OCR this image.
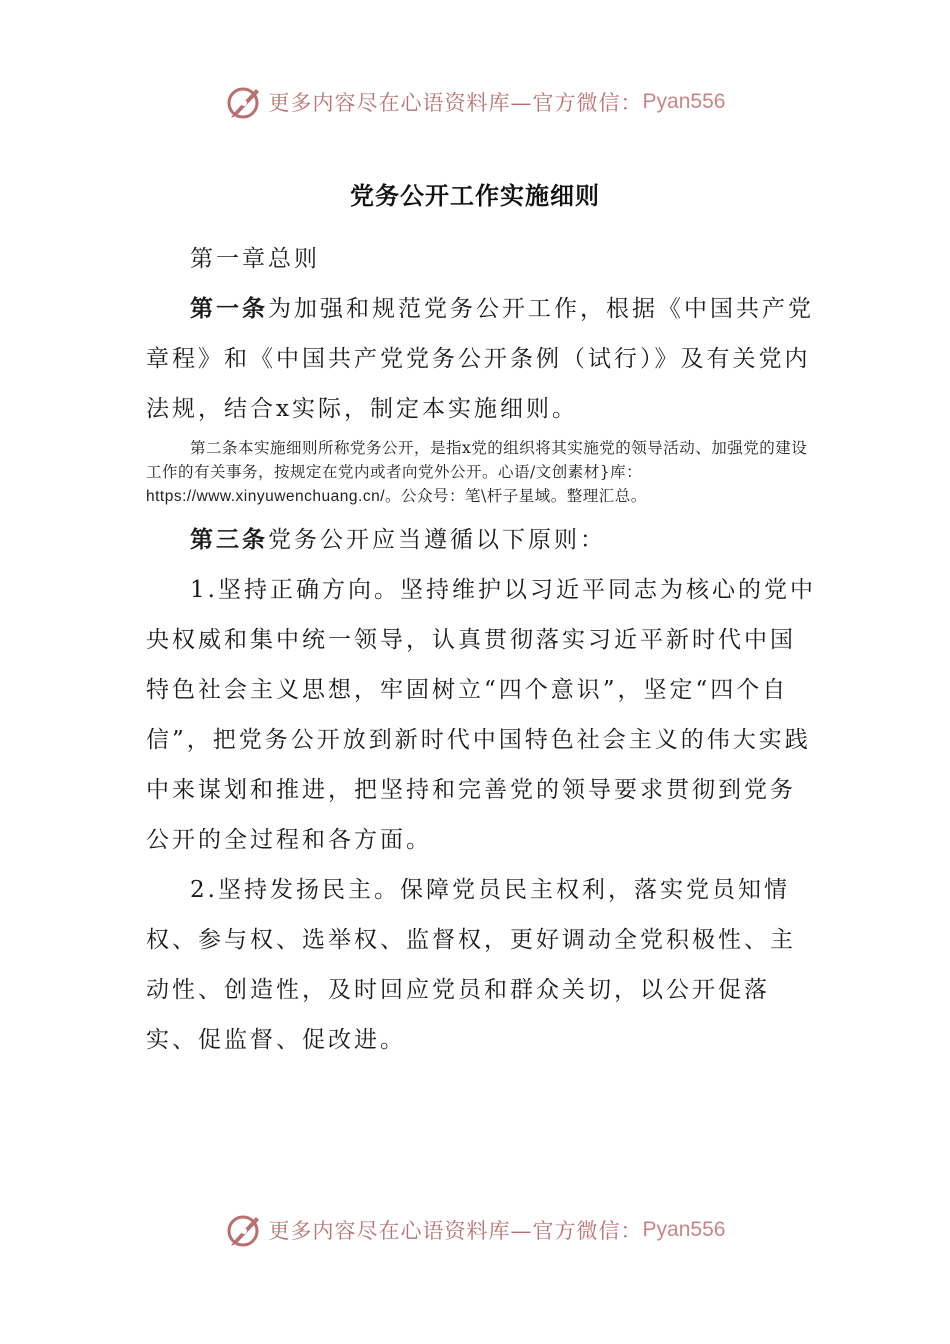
更多内容尽在心语资料库—官方微信： Pyan556
党务公开工作实施细则

第一章总则

第一条为加强和规范党务公开工作，根据《中国共产党章程》和《中国共产党党务公开条例（试行）》及有关党内法规，结合x实际，制定本实施细则。

第二条本实施细则所称党务公开，是指x党的组织将其实施党的领导活动、加强党的建设工作的有关事务，按规定在党内或者向党外公开。心语/文创素材}库：https://www.xinyuwenchuang.cn/。公众号：笔\杆子星域。整理汇总。

第三条党务公开应当遵循以下原则：

1.坚持正确方向。坚持维护以习近平同志为核心的党中央权威和集中统一领导，认真贯彻落实习近平新时代中国特色社会主义思想，牢固树立“四个意识”，坚定“四个自信”，把党务公开放到新时代中国特色社会主义的伟大实践中来谋划和推进，把坚持和完善党的领导要求贯彻到党务公开的全过程和各方面。

2.坚持发扬民主。保障党员民主权利，落实党员知情权、参与权、选举权、监督权，更好调动全党积极性、主动性、创造性，及时回应党员和群众关切，以公开促落实、促监督、促改进。

更多内容尽在心语资料库—官方微信： Pyan556
